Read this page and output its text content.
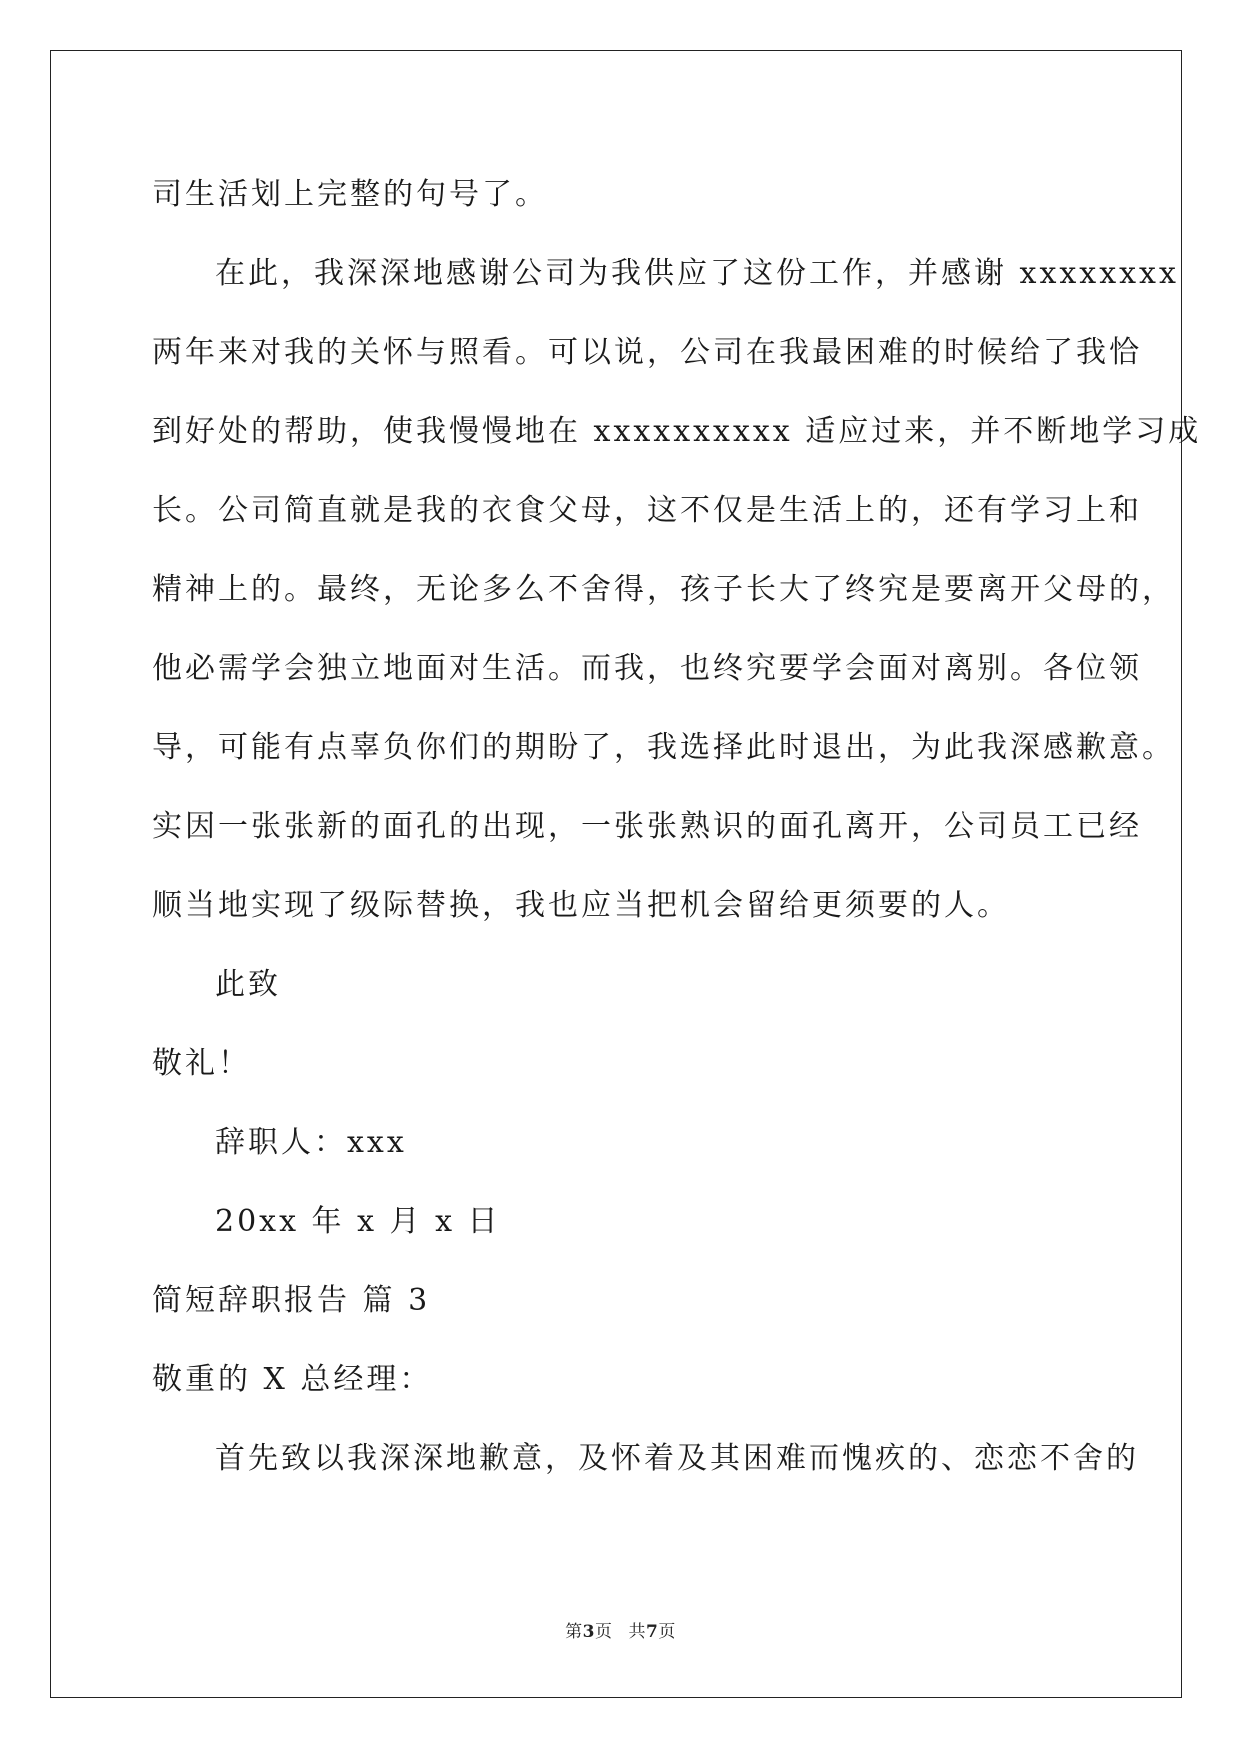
司生活划上完整的句号了。
在此，我深深地感谢公司为我供应了这份工作，并感谢 xxxxxxxx
两年来对我的关怀与照看。可以说，公司在我最困难的时候给了我恰
到好处的帮助，使我慢慢地在 xxxxxxxxxx 适应过来，并不断地学习成
长。公司简直就是我的衣食父母，这不仅是生活上的，还有学习上和
精神上的。最终，无论多么不舍得，孩子长大了终究是要离开父母的，
他必需学会独立地面对生活。而我，也终究要学会面对离别。各位领
导，可能有点辜负你们的期盼了，我选择此时退出，为此我深感歉意。
实因一张张新的面孔的出现，一张张熟识的面孔离开，公司员工已经
顺当地实现了级际替换，我也应当把机会留给更须要的人。
此致
敬礼！
辞职人：xxx
20xx 年 x 月 x 日
简短辞职报告 篇 3
敬重的 X 总经理：
首先致以我深深地歉意，及怀着及其困难而愧疚的、恋恋不舍的
第3页 共7页
